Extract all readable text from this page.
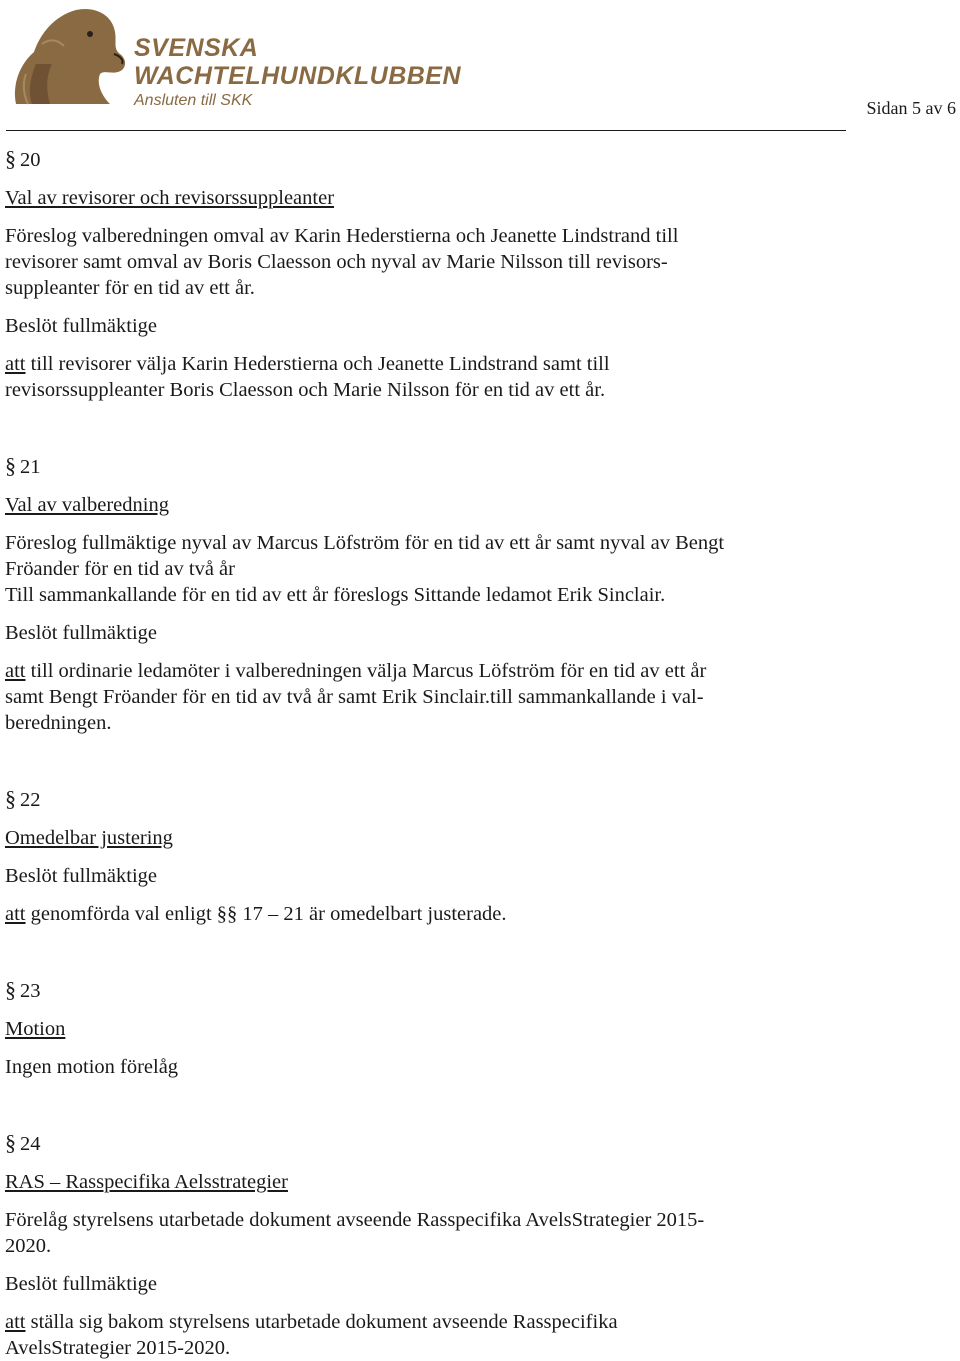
SVENSKA
WACHTELHUNDKLUBBEN
Ansluten till SKK	Sidan 5 av 6

§ 20

Val av revisorer och revisorssuppleanter

Föreslog valberedningen omval av Karin Hederstierna och Jeanette Lindstrand till

revisorer samt omval av Boris Claesson och nyval av Marie Nilsson till revisors-

suppleanter för en tid av ett år.

Beslöt fullmäktige

att till revisorer välja Karin Hederstierna och Jeanette Lindstrand samt till

revisorssuppleanter Boris Claesson och Marie Nilsson för en tid av ett år.

§ 21

Val av valberedning

Föreslog fullmäktige nyval av Marcus Löfström för en tid av ett år samt nyval av Bengt

Fröander för en tid av två år

Till sammankallande för en tid av ett år föreslogs Sittande ledamot Erik Sinclair.

Beslöt fullmäktige

att till ordinarie ledamöter i valberedningen välja Marcus Löfström för en tid av ett år

samt Bengt Fröander för en tid av två år samt Erik Sinclair.till sammankallande i val-

beredningen.

§ 22

Omedelbar justering

Beslöt fullmäktige

att genomförda val enligt §§ 17 – 21 är omedelbart justerade.

§ 23

Motion

Ingen motion förelåg

§ 24

RAS – Rasspecifika Aelsstrategier

Förelåg styrelsens utarbetade dokument avseende Rasspecifika AvelsStrategier 2015-

2020.

Beslöt fullmäktige

att ställa sig bakom styrelsens utarbetade dokument avseende Rasspecifika

AvelsStrategier 2015-2020.
